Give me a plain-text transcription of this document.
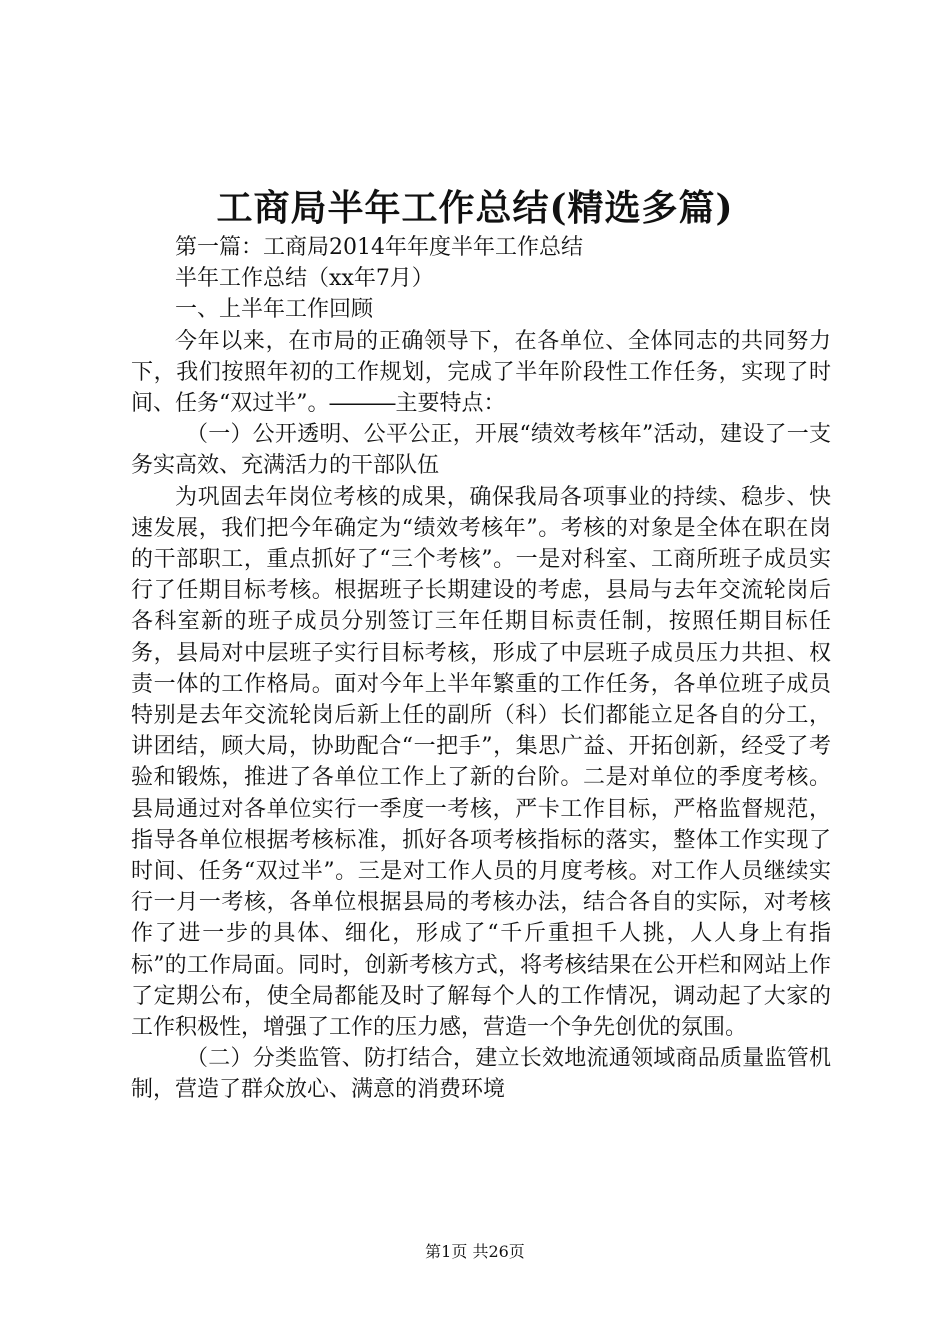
工商局半年工作总结(精选多篇)

第一篇：工商局2014年年度半年工作总结

半年工作总结（xx年7月）

一、上半年工作回顾

今年以来，在市局的正确领导下，在各单位、全体同志的共同努力下，我们按照年初的工作规划，完成了半年阶段性工作任务，实现了时间、任务“双过半”。―――主要特点：

（一）公开透明、公平公正，开展“绩效考核年”活动，建设了一支务实高效、充满活力的干部队伍

为巩固去年岗位考核的成果，确保我局各项事业的持续、稳步、快速发展，我们把今年确定为“绩效考核年”。考核的对象是全体在职在岗的干部职工，重点抓好了“三个考核”。一是对科室、工商所班子成员实行了任期目标考核。根据班子长期建设的考虑，县局与去年交流轮岗后各科室新的班子成员分别签订三年任期目标责任制，按照任期目标任务，县局对中层班子实行目标考核，形成了中层班子成员压力共担、权责一体的工作格局。面对今年上半年繁重的工作任务，各单位班子成员特别是去年交流轮岗后新上任的副所（科）长们都能立足各自的分工，讲团结，顾大局，协助配合“一把手”，集思广益、开拓创新，经受了考验和锻炼，推进了各单位工作上了新的台阶。二是对单位的季度考核。县局通过对各单位实行一季度一考核，严卡工作目标，严格监督规范，指导各单位根据考核标准，抓好各项考核指标的落实，整体工作实现了时间、任务“双过半”。三是对工作人员的月度考核。对工作人员继续实行一月一考核，各单位根据县局的考核办法，结合各自的实际，对考核作了进一步的具体、细化，形成了“千斤重担千人挑，人人身上有指标”的工作局面。同时，创新考核方式，将考核结果在公开栏和网站上作了定期公布，使全局都能及时了解每个人的工作情况，调动起了大家的工作积极性，增强了工作的压力感，营造一个争先创优的氛围。

（二）分类监管、防打结合，建立长效地流通领域商品质量监管机制，营造了群众放心、满意的消费环境

第1页 共26页
